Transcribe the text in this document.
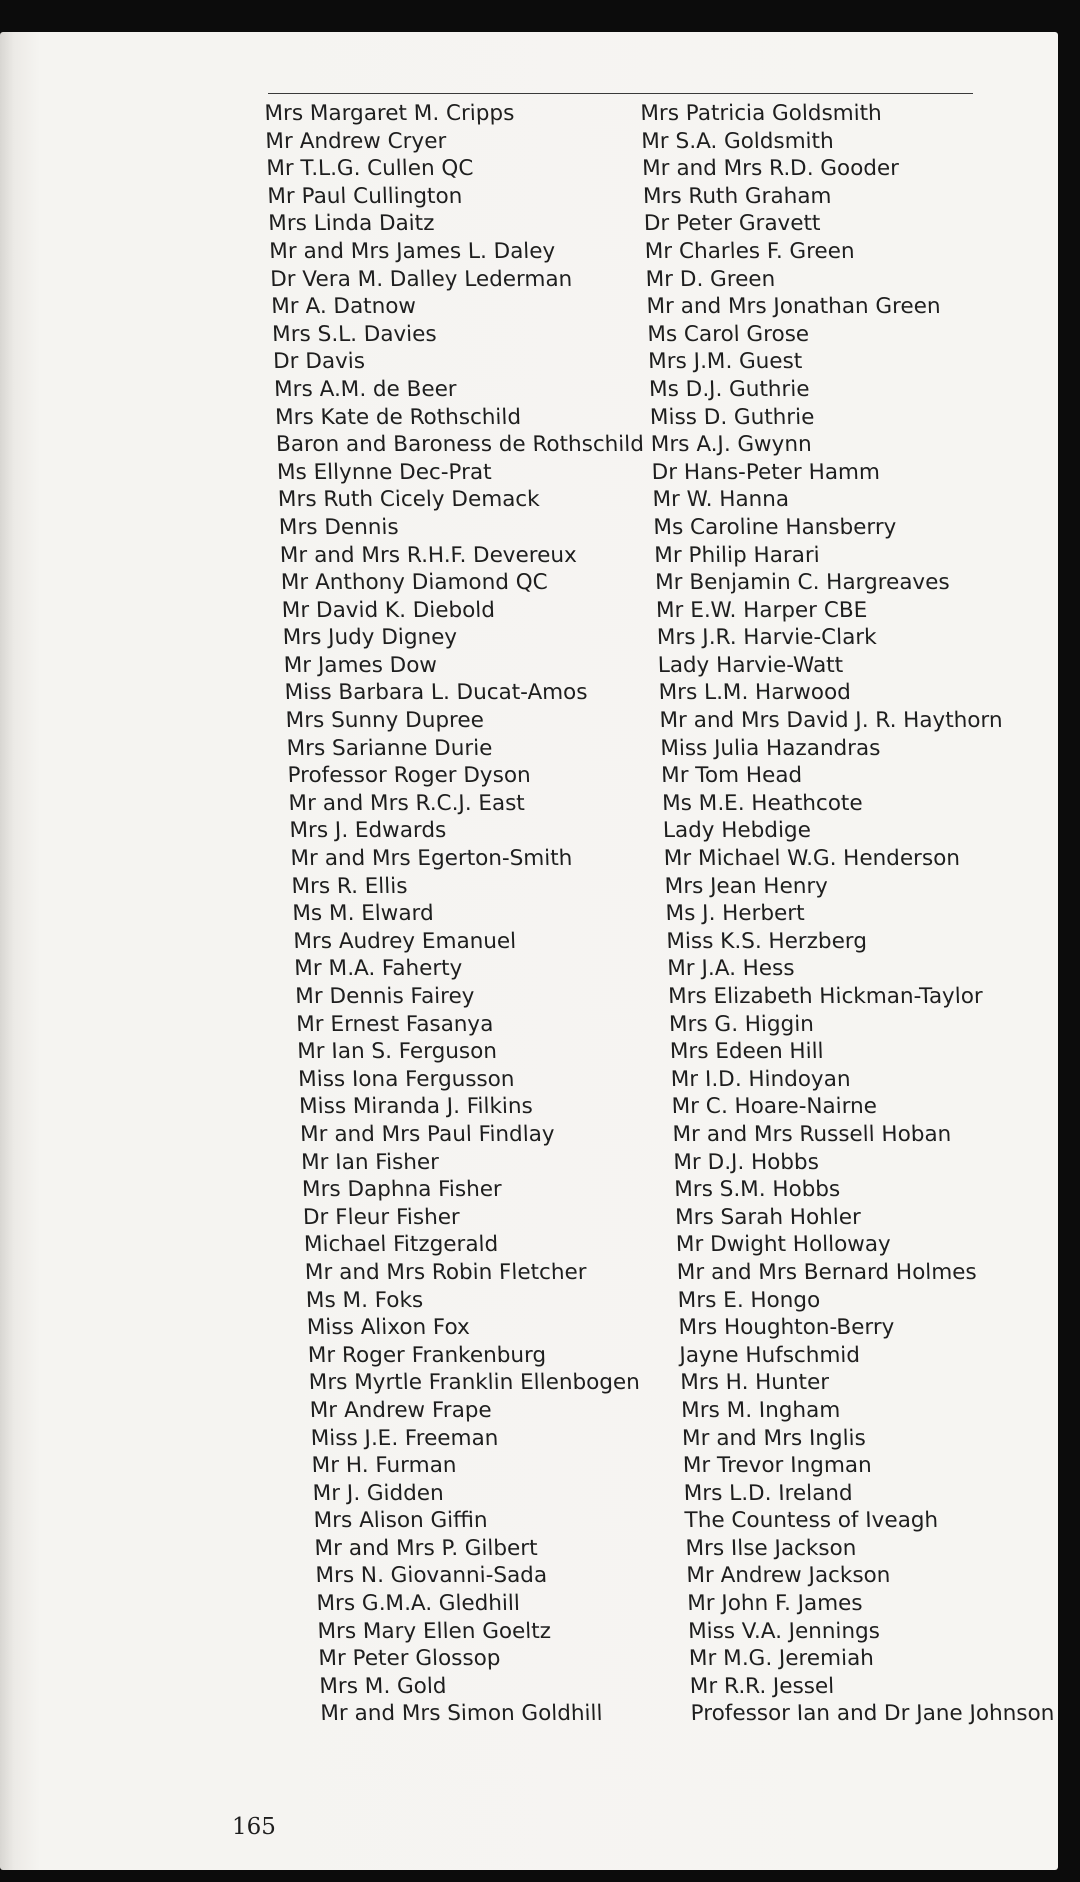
Mrs Margaret M. Cripps
Mr Andrew Cryer
Mr T.L.G. Cullen QC
Mr Paul Cullington
Mrs Linda Daitz
Mr and Mrs James L. Daley
Dr Vera M. Dalley Lederman
Mr A. Datnow
Mrs S.L. Davies
Dr Davis
Mrs A.M. de Beer
Mrs Kate de Rothschild
Baron and Baroness de Rothschild
Ms Ellynne Dec-Prat
Mrs Ruth Cicely Demack
Mrs Dennis
Mr and Mrs R.H.F. Devereux
Mr Anthony Diamond QC
Mr David K. Diebold
Mrs Judy Digney
Mr James Dow
Miss Barbara L. Ducat-Amos
Mrs Sunny Dupree
Mrs Sarianne Durie
Professor Roger Dyson
Mr and Mrs R.C.J. East
Mrs J. Edwards
Mr and Mrs Egerton-Smith
Mrs R. Ellis
Ms M. Elward
Mrs Audrey Emanuel
Mr M.A. Faherty
Mr Dennis Fairey
Mr Ernest Fasanya
Mr Ian S. Ferguson
Miss Iona Fergusson
Miss Miranda J. Filkins
Mr and Mrs Paul Findlay
Mr Ian Fisher
Mrs Daphna Fisher
Dr Fleur Fisher
Michael Fitzgerald
Mr and Mrs Robin Fletcher
Ms M. Foks
Miss Alixon Fox
Mr Roger Frankenburg
Mrs Myrtle Franklin Ellenbogen
Mr Andrew Frape
Miss J.E. Freeman
Mr H. Furman
Mr J. Gidden
Mrs Alison Giffin
Mr and Mrs P. Gilbert
Mrs N. Giovanni-Sada
Mrs G.M.A. Gledhill
Mrs Mary Ellen Goeltz
Mr Peter Glossop
Mrs M. Gold
Mr and Mrs Simon Goldhill
Mrs Patricia Goldsmith
Mr S.A. Goldsmith
Mr and Mrs R.D. Gooder
Mrs Ruth Graham
Dr Peter Gravett
Mr Charles F. Green
Mr D. Green
Mr and Mrs Jonathan Green
Ms Carol Grose
Mrs J.M. Guest
Ms D.J. Guthrie
Miss D. Guthrie
Mrs A.J. Gwynn
Dr Hans-Peter Hamm
Mr W. Hanna
Ms Caroline Hansberry
Mr Philip Harari
Mr Benjamin C. Hargreaves
Mr E.W. Harper CBE
Mrs J.R. Harvie-Clark
Lady Harvie-Watt
Mrs L.M. Harwood
Mr and Mrs David J. R. Haythorn
Miss Julia Hazandras
Mr Tom Head
Ms M.E. Heathcote
Lady Hebdige
Mr Michael W.G. Henderson
Mrs Jean Henry
Ms J. Herbert
Miss K.S. Herzberg
Mr J.A. Hess
Mrs Elizabeth Hickman-Taylor
Mrs G. Higgin
Mrs Edeen Hill
Mr I.D. Hindoyan
Mr C. Hoare-Nairne
Mr and Mrs Russell Hoban
Mr D.J. Hobbs
Mrs S.M. Hobbs
Mrs Sarah Hohler
Mr Dwight Holloway
Mr and Mrs Bernard Holmes
Mrs E. Hongo
Mrs Houghton-Berry
Jayne Hufschmid
Mrs H. Hunter
Mrs M. Ingham
Mr and Mrs Inglis
Mr Trevor Ingman
Mrs L.D. Ireland
The Countess of Iveagh
Mrs Ilse Jackson
Mr Andrew Jackson
Mr John F. James
Miss V.A. Jennings
Mr M.G. Jeremiah
Mr R.R. Jessel
Professor Ian and Dr Jane Johnson
165
